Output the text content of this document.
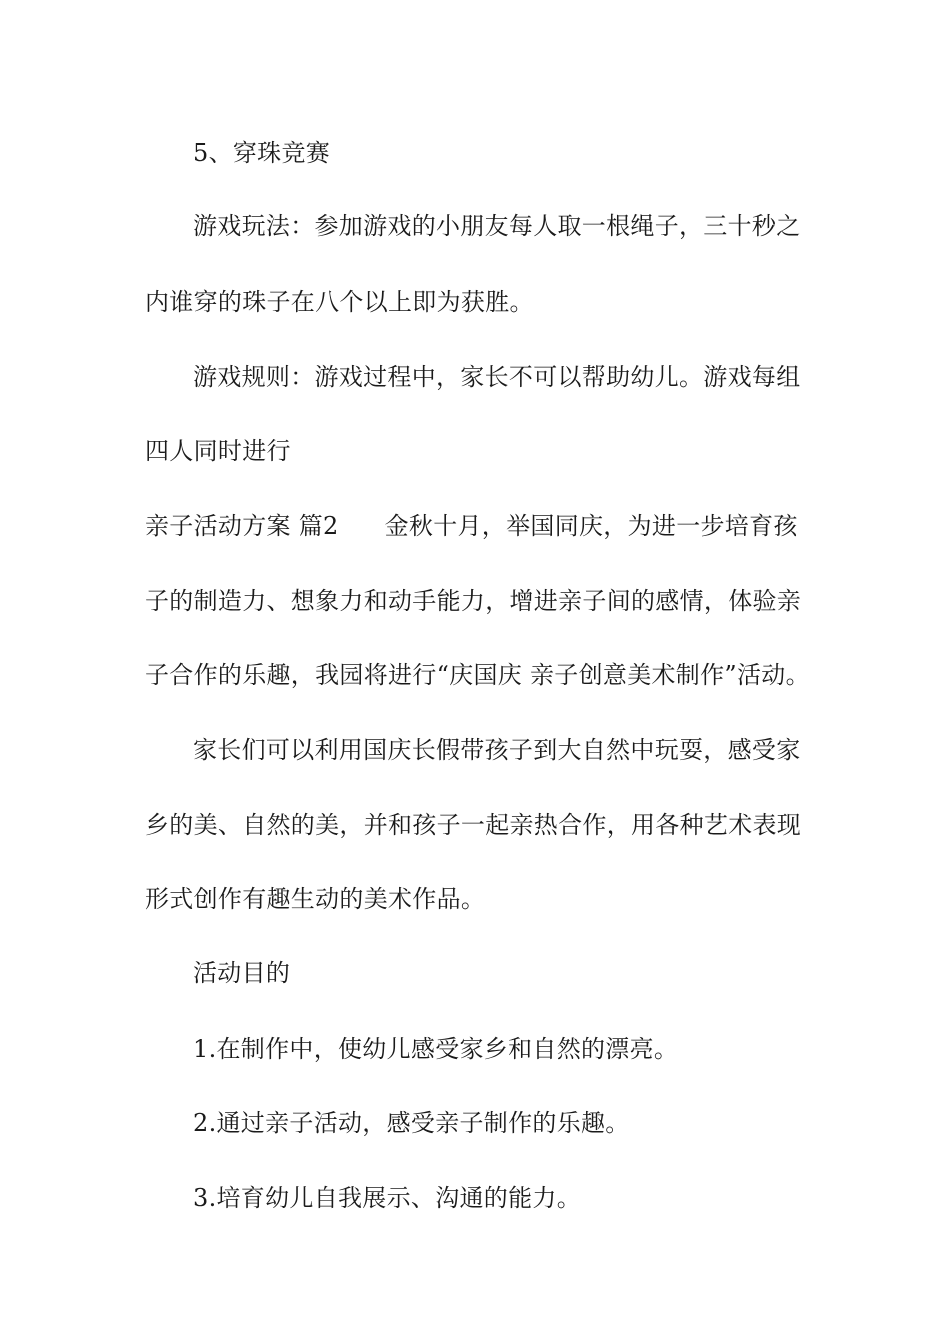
5、穿珠竞赛
游戏玩法：参加游戏的小朋友每人取一根绳子，三十秒之
内谁穿的珠子在八个以上即为获胜。
游戏规则：游戏过程中，家长不可以帮助幼儿。游戏每组
四人同时进行
亲子活动方案 篇2 金秋十月，举国同庆，为进一步培育孩
子的制造力、想象力和动手能力，增进亲子间的感情，体验亲
子合作的乐趣，我园将进行“庆国庆 亲子创意美术制作”活动。
家长们可以利用国庆长假带孩子到大自然中玩耍，感受家
乡的美、自然的美，并和孩子一起亲热合作，用各种艺术表现
形式创作有趣生动的美术作品。
活动目的
1.在制作中，使幼儿感受家乡和自然的漂亮。
2.通过亲子活动，感受亲子制作的乐趣。
3.培育幼儿自我展示、沟通的能力。
